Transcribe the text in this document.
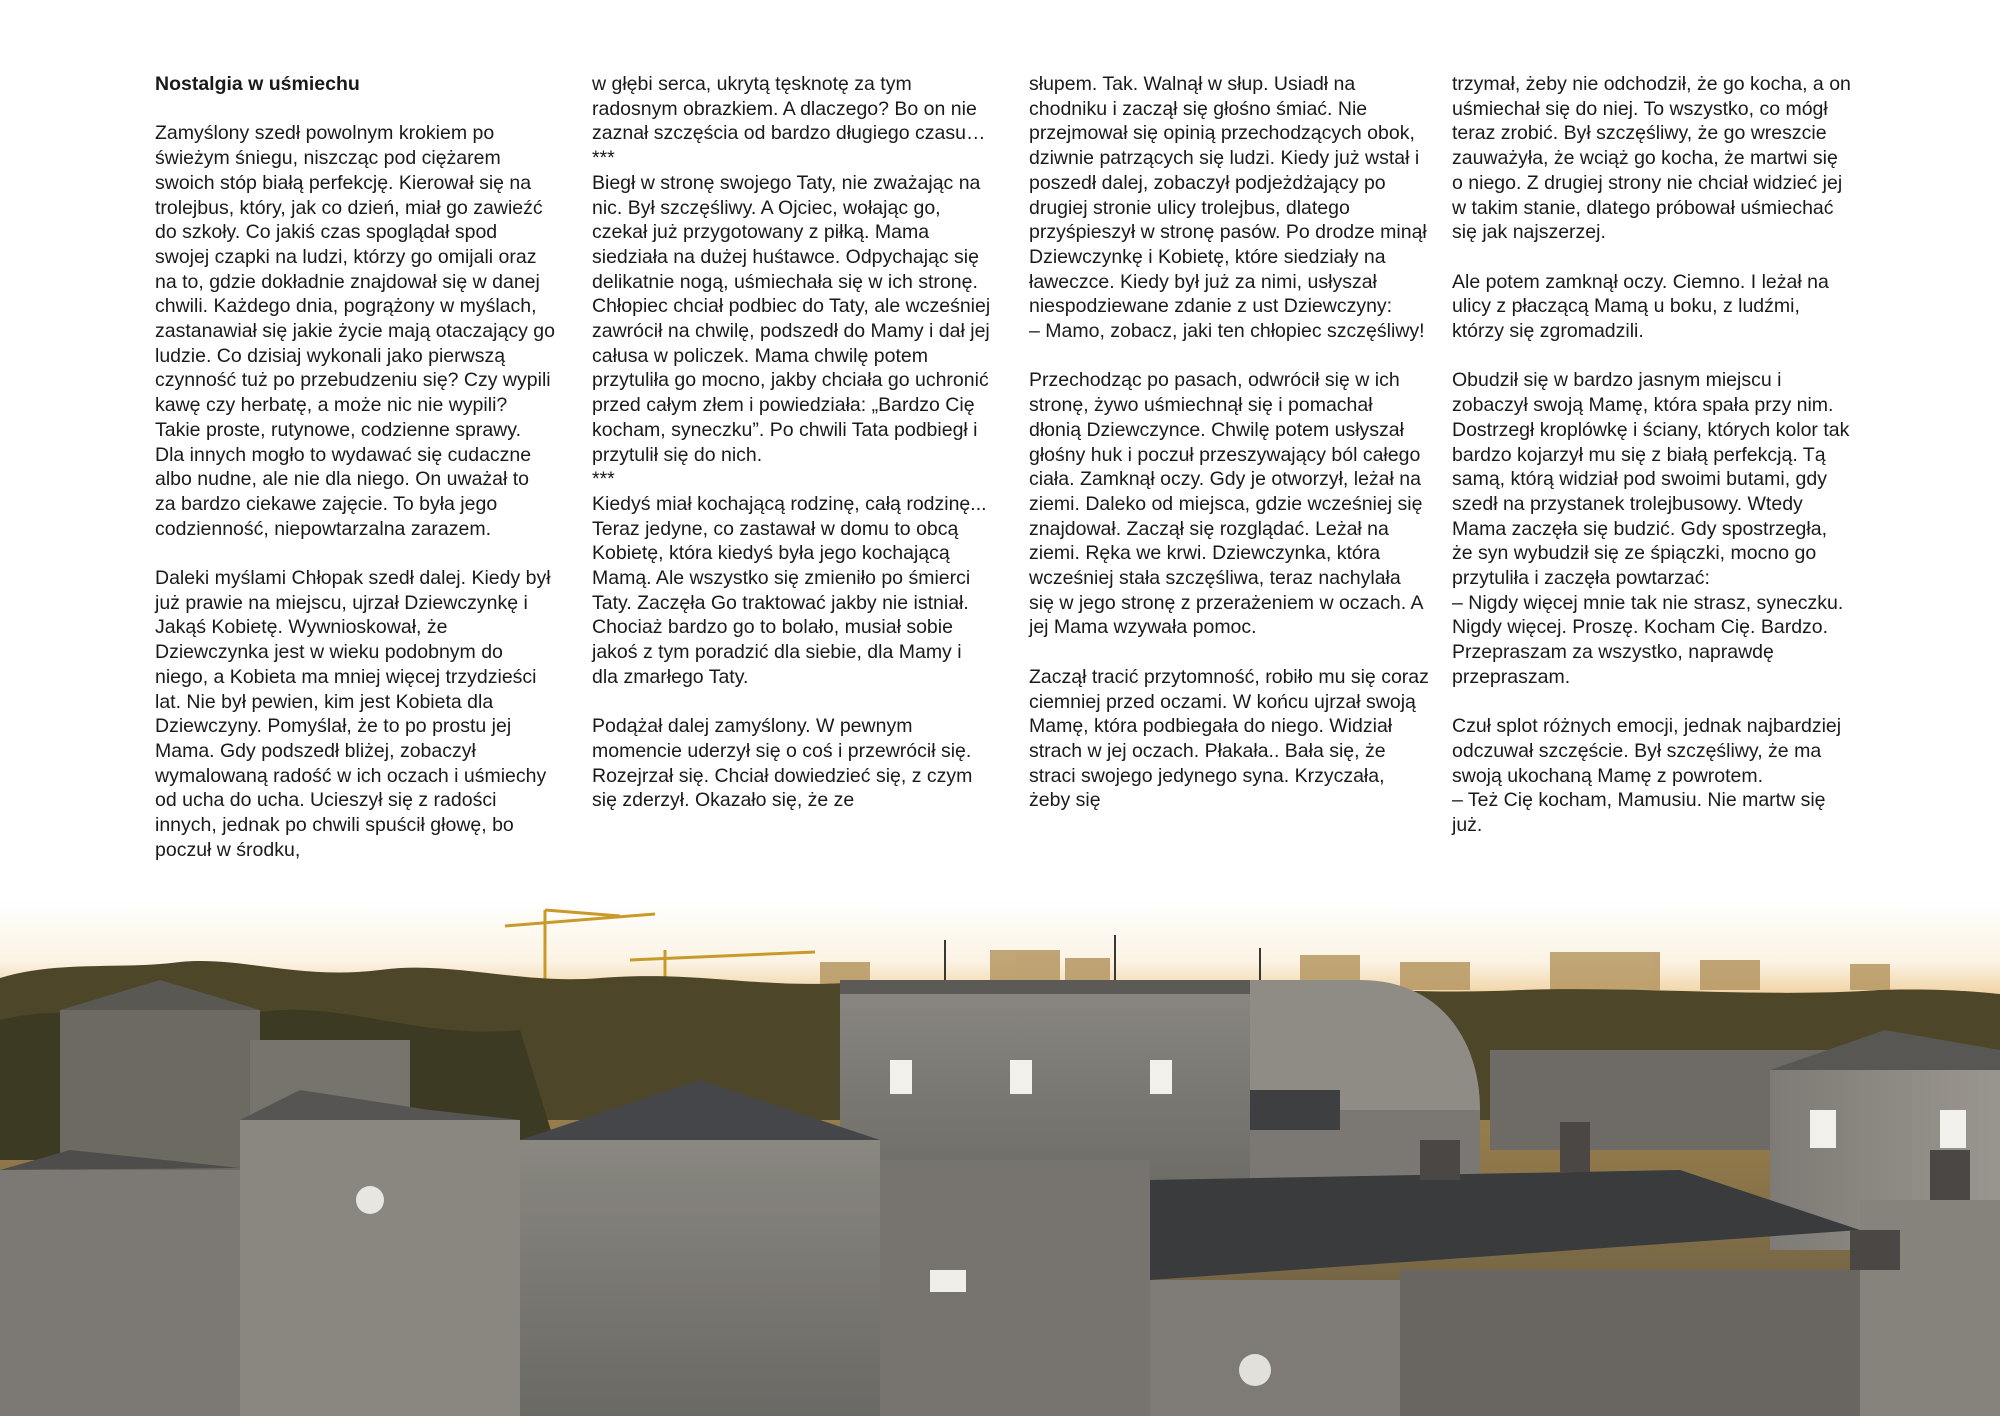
Nostalgia w uśmiechu

Zamyślony szedł powolnym krokiem po świeżym śniegu, niszcząc pod ciężarem swoich stóp białą perfekcję. Kierował się na trolejbus, który, jak co dzień, miał go zawieźć do szkoły. Co jakiś czas spoglądał spod swojej czapki na ludzi, którzy go omijali oraz na to, gdzie dokładnie znajdował się w danej chwili. Każdego dnia, pogrążony w myślach, zastanawiał się jakie życie mają otaczający go ludzie. Co dzisiaj wykonali jako pierwszą czynność tuż po przebudzeniu się? Czy wypili kawę czy herbatę, a może nic nie wypili? Takie proste, rutynowe, codzienne sprawy. Dla innych mogło to wydawać się cudaczne albo nudne, ale nie dla niego. On uważał to za bardzo ciekawe zajęcie. To była jego codzienność, niepowtarzalna zarazem.

Daleki myślami Chłopak szedł dalej. Kiedy był już prawie na miejscu, ujrzał Dziewczynkę i Jakąś Kobietę. Wywnioskował, że Dziewczynka jest w wieku podobnym do niego, a Kobieta ma mniej więcej trzydzieści lat. Nie był pewien, kim jest Kobieta dla Dziewczyny. Pomyślał, że to po prostu jej Mama. Gdy podszedł bliżej, zobaczył wymalowaną radość w ich oczach i uśmiechy od ucha do ucha. Ucieszył się z radości innych, jednak po chwili spuścił głowę, bo poczuł w środku,

w głębi serca, ukrytą tęsknotę za tym radosnym obrazkiem. A dlaczego? Bo on nie zaznał szczęścia od bardzo długiego czasu…

***

Biegł w stronę swojego Taty, nie zważając na nic. Był szczęśliwy. A Ojciec, wołając go, czekał już przygotowany z piłką. Mama siedziała na dużej huśtawce. Odpychając się delikatnie nogą, uśmiechała się w ich stronę. Chłopiec chciał podbiec do Taty, ale wcześniej zawrócił na chwilę, podszedł do Mamy i dał jej całusa w policzek. Mama chwilę potem przytuliła go mocno, jakby chciała go uchronić przed całym złem i powiedziała: „Bardzo Cię kocham, syneczku”. Po chwili Tata podbiegł i przytulił się do nich.

***

Kiedyś miał kochającą rodzinę, całą rodzinę... Teraz jedyne, co zastawał w domu to obcą Kobietę, która kiedyś była jego kochającą Mamą. Ale wszystko się zmieniło po śmierci Taty. Zaczęła Go traktować jakby nie istniał. Chociaż bardzo go to bolało, musiał sobie jakoś z tym poradzić dla siebie, dla Mamy i dla zmarłego Taty.

Podążał dalej zamyślony. W pewnym momencie uderzył się o coś i przewrócił się. Rozejrzał się. Chciał dowiedzieć się, z czym się zderzył. Okazało się, że ze

słupem. Tak. Walnął w słup. Usiadł na chodniku i zaczął się głośno śmiać. Nie przejmował się opinią przechodzących obok, dziwnie patrzących się ludzi. Kiedy już wstał i poszedł dalej, zobaczył podjeżdżający po drugiej stronie ulicy trolejbus, dlatego przyśpieszył w stronę pasów. Po drodze minął Dziewczynkę i Kobietę, które siedziały na ławeczce. Kiedy był już za nimi, usłyszał niespodziewane zdanie z ust Dziewczyny:

– Mamo, zobacz, jaki ten chłopiec szczęśliwy!

Przechodząc po pasach, odwrócił się w ich stronę, żywo uśmiechnął się i pomachał dłonią Dziewczynce. Chwilę potem usłyszał głośny huk i poczuł przeszywający ból całego ciała. Zamknął oczy. Gdy je otworzył, leżał na ziemi. Daleko od miejsca, gdzie wcześniej się znajdował. Zaczął się rozglądać. Leżał na ziemi. Ręka we krwi. Dziewczynka, która wcześniej stała szczęśliwa, teraz nachylała się w jego stronę z przerażeniem w oczach. A jej Mama wzywała pomoc.

Zaczął tracić przytomność, robiło mu się coraz ciemniej przed oczami. W końcu ujrzał swoją Mamę, która podbiegała do niego. Widział strach w jej oczach. Płakała.. Bała się, że straci swojego jedynego syna. Krzyczała, żeby się

trzymał, żeby nie odchodził, że go kocha, a on uśmiechał się do niej. To wszystko, co mógł teraz zrobić. Był szczęśliwy, że go wreszcie zauważyła, że wciąż go kocha, że martwi się o niego. Z drugiej strony nie chciał widzieć jej w takim stanie, dlatego próbował uśmiechać się jak najszerzej.

Ale potem zamknął oczy. Ciemno. I leżał na ulicy z płaczącą Mamą u boku, z ludźmi, którzy się zgromadzili.

Obudził się w bardzo jasnym miejscu i zobaczył swoją Mamę, która spała przy nim. Dostrzegł kroplówkę i ściany, których kolor tak bardzo kojarzył mu się z białą perfekcją. Tą samą, którą widział pod swoimi butami, gdy szedł na przystanek trolejbusowy. Wtedy Mama zaczęła się budzić. Gdy spostrzegła, że syn wybudził się ze śpiączki, mocno go przytuliła i zaczęła powtarzać:

– Nigdy więcej mnie tak nie strasz, syneczku. Nigdy więcej. Proszę. Kocham Cię. Bardzo. Przepraszam za wszystko, naprawdę przepraszam.

Czuł splot różnych emocji, jednak najbardziej odczuwał szczęście. Był szczęśliwy, że ma swoją ukochaną Mamę z powrotem.

– Też Cię kocham, Mamusiu. Nie martw się już.
